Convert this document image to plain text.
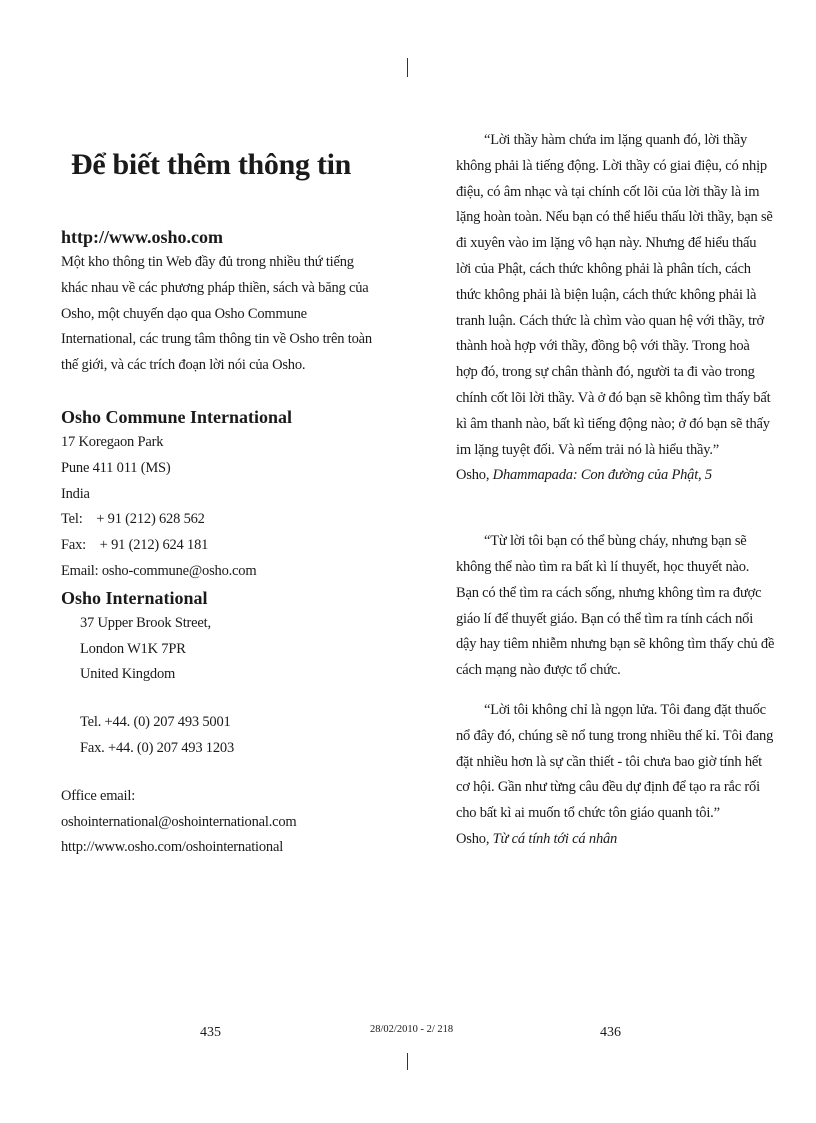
Để biết thêm thông tin
http://www.osho.com
Một kho thông tin Web đầy đủ trong nhiều thứ tiếng
khác nhau về các phương pháp thiền, sách và băng của
Osho, một chuyến dạo qua Osho Commune
International, các trung tâm thông tin về Osho trên toàn
thế giới, và các trích đoạn lời nói của Osho.
Osho Commune International
17 Koregaon Park
Pune 411 011 (MS)
India
Tel:    + 91 (212) 628 562
Fax:    + 91 (212) 624 181
Email: osho-commune@osho.com
Osho International
37 Upper Brook Street,
London W1K 7PR
United Kingdom
Tel. +44. (0) 207 493 5001
Fax. +44. (0) 207 493 1203
Office email:
oshointernational@oshointernational.com
http://www.osho.com/oshointernational
“Lời thầy hàm chứa im lặng quanh đó, lời thầy
không phải là tiếng động. Lời thầy có giai điệu, có nhịp
điệu, có âm nhạc và tại chính cốt lõi của lời thầy là im
lặng hoàn toàn. Nếu bạn có thể hiểu thấu lời thầy, bạn sẽ
đi xuyên vào im lặng vô hạn này. Nhưng để hiểu thấu
lời của Phật, cách thức không phải là phân tích, cách
thức không phải là biện luận, cách thức không phải là
tranh luận. Cách thức là chìm vào quan hệ với thầy, trở
thành hoà hợp với thầy, đồng bộ với thầy. Trong hoà
hợp đó, trong sự chân thành đó, người ta đi vào trong
chính cốt lõi lời thầy. Và ở đó bạn sẽ không tìm thấy bất
kì âm thanh nào, bất kì tiếng động nào; ở đó bạn sẽ thấy
im lặng tuyệt đối. Và nếm trải nó là hiểu thầy.”
Osho, Dhammapada: Con đường của Phật, 5
“Từ lời tôi bạn có thể bùng cháy, nhưng bạn sẽ
không thể nào tìm ra bất kì lí thuyết, học thuyết nào.
Bạn có thể tìm ra cách sống, nhưng không tìm ra được
giáo lí để thuyết giáo. Bạn có thể tìm ra tính cách nổi
dậy hay tiêm nhiễm nhưng bạn sẽ không tìm thấy chủ đề
cách mạng nào được tổ chức.
“Lời tôi không chỉ là ngọn lửa. Tôi đang đặt thuốc
nổ đây đó, chúng sẽ nổ tung trong nhiều thế kỉ. Tôi đang
đặt nhiều hơn là sự cần thiết - tôi chưa bao giờ tính hết
cơ hội. Gần như từng câu đều dự định để tạo ra rắc rối
cho bất kì ai muốn tổ chức tôn giáo quanh tôi.”
Osho, Từ cá tính tới cá nhân
435	28/02/2010 - 2/ 218	436
